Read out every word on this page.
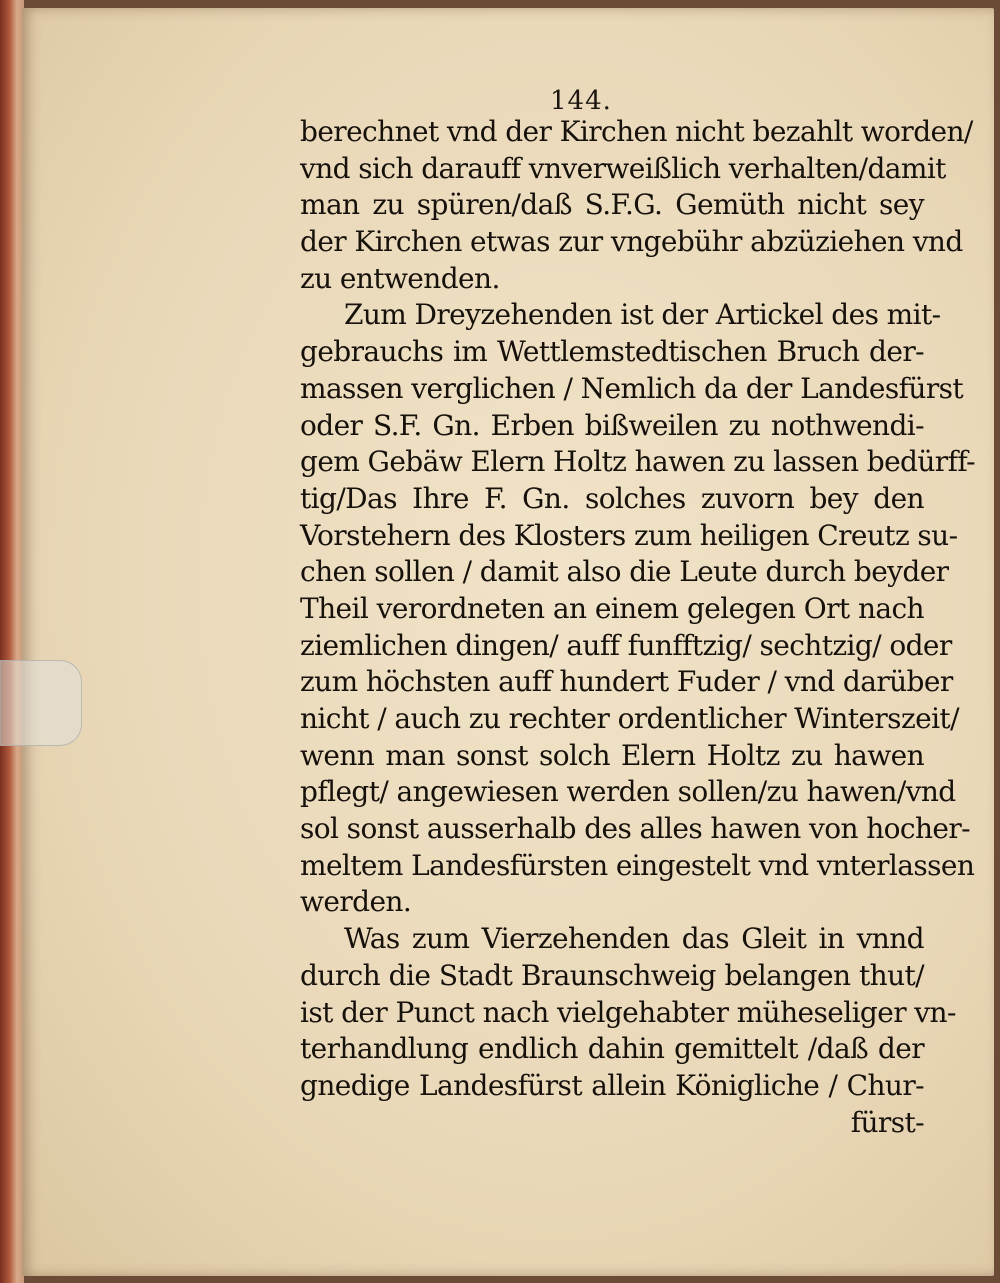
144.
berechnet vnd der Kirchen nicht bezahlt worden/
vnd sich darauff vnverweißlich verhalten/damit
man zu spüren/daß S.F.G. Gemüth nicht sey
der Kirchen etwas zur vngebühr abzüziehen vnd
zu entwenden.
Zum Dreyzehenden ist der Artickel des mit-
gebrauchs im Wettlemstedtischen Bruch der-
massen verglichen / Nemlich da der Landesfürst
oder S.F. Gn. Erben bißweilen zu nothwendi-
gem Gebäw Elern Holtz hawen zu lassen bedürff-
tig/Das Ihre F. Gn. solches zuvorn bey den
Vorstehern des Klosters zum heiligen Creutz su-
chen sollen / damit also die Leute durch beyder
Theil verordneten an einem gelegen Ort nach
ziemlichen dingen/ auff funfftzig/ sechtzig/ oder
zum höchsten auff hundert Fuder / vnd darüber
nicht / auch zu rechter ordentlicher Winterszeit/
wenn man sonst solch Elern Holtz zu hawen
pflegt/ angewiesen werden sollen/zu hawen/vnd
sol sonst ausserhalb des alles hawen von hocher-
meltem Landesfürsten eingestelt vnd vnterlassen
werden.
Was zum Vierzehenden das Gleit in vnnd
durch die Stadt Braunschweig belangen thut/
ist der Punct nach vielgehabter müheseliger vn-
terhandlung endlich dahin gemittelt /daß der
gnedige Landesfürst allein Königliche / Chur-
fürst-
